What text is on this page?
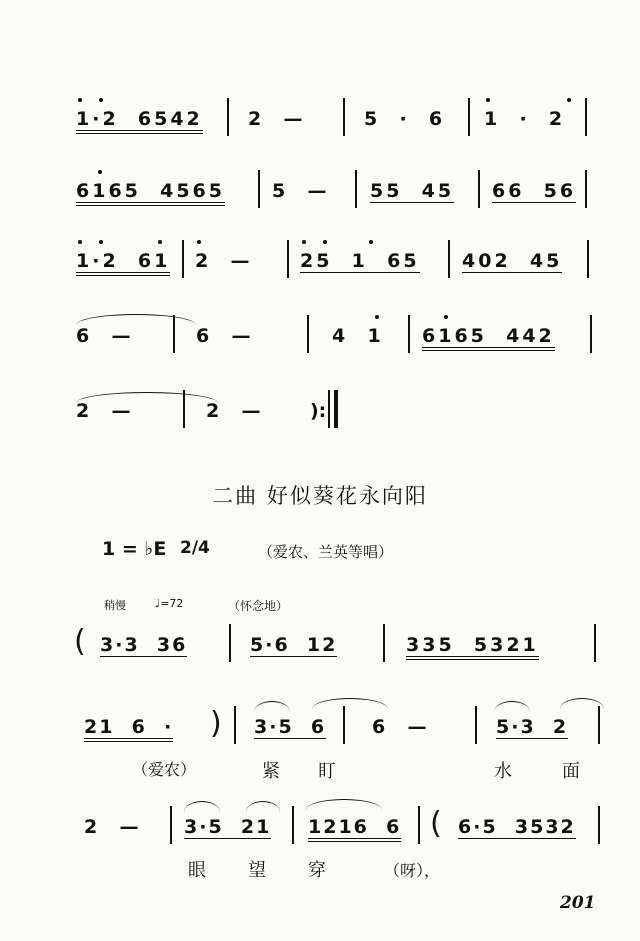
1·2  6542 2  —	5  ·  6 1  ·  2
6165  4565 5  — 55  45 66  56
1·2  61 2  —	25  1  65 402  45
6  —	6  —	4  1 6165  442
2  —	2  — ):
二曲 好似葵花永向阳
1 = ♭E 2/4	（爱农、兰英等唱）
稍慢	♩=72	（怀念地）
( 3·3  36	5·6  12	335  5321
21  6  · ) 3·5  6 6  —	5·3  2
（爱农）	紧 盯	水	面
2  — 3·5  21 1216  6 ( 6·5  3532
眼 望 穿	（呀），
201
